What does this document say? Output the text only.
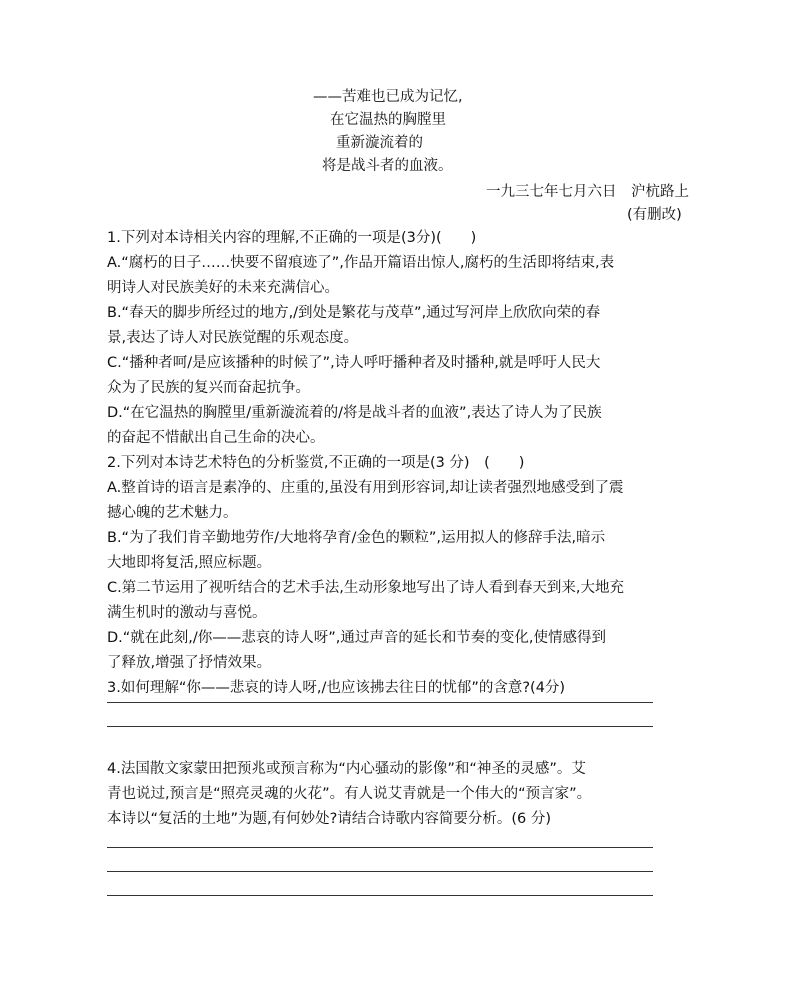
——苦难也已成为记忆,
在它温热的胸膛里
重新漩流着的
将是战斗者的血液。
一九三七年七月六日　沪杭路上
(有删改)
1.下列对本诗相关内容的理解,不正确的一项是(3分)(　　)
A.“腐朽的日子……快要不留痕迹了”,作品开篇语出惊人,腐朽的生活即将结束,表
明诗人对民族美好的未来充满信心。
B.“春天的脚步所经过的地方,/到处是繁花与茂草”,通过写河岸上欣欣向荣的春
景,表达了诗人对民族觉醒的乐观态度。
C.“播种者呵/是应该播种的时候了”,诗人呼吁播种者及时播种,就是呼吁人民大
众为了民族的复兴而奋起抗争。
D.“在它温热的胸膛里/重新漩流着的/将是战斗者的血液”,表达了诗人为了民族
的奋起不惜献出自己生命的决心。
2.下列对本诗艺术特色的分析鉴赏,不正确的一项是(3 分)　(　　)
A.整首诗的语言是素净的、庄重的,虽没有用到形容词,却让读者强烈地感受到了震
撼心魄的艺术魅力。
B.“为了我们肯辛勤地劳作/大地将孕育/金色的颗粒”,运用拟人的修辞手法,暗示
大地即将复活,照应标题。
C.第二节运用了视听结合的艺术手法,生动形象地写出了诗人看到春天到来,大地充
满生机时的激动与喜悦。
D.“就在此刻,/你——悲哀的诗人呀”,通过声音的延长和节奏的变化,使情感得到
了释放,增强了抒情效果。
3.如何理解“你——悲哀的诗人呀,/也应该拂去往日的忧郁”的含意?(4分)
4.法国散文家蒙田把预兆或预言称为“内心骚动的影像”和“神圣的灵感”。艾
青也说过,预言是“照亮灵魂的火花”。有人说艾青就是一个伟大的“预言家”。
本诗以“复活的土地”为题,有何妙处?请结合诗歌内容简要分析。(6 分)
